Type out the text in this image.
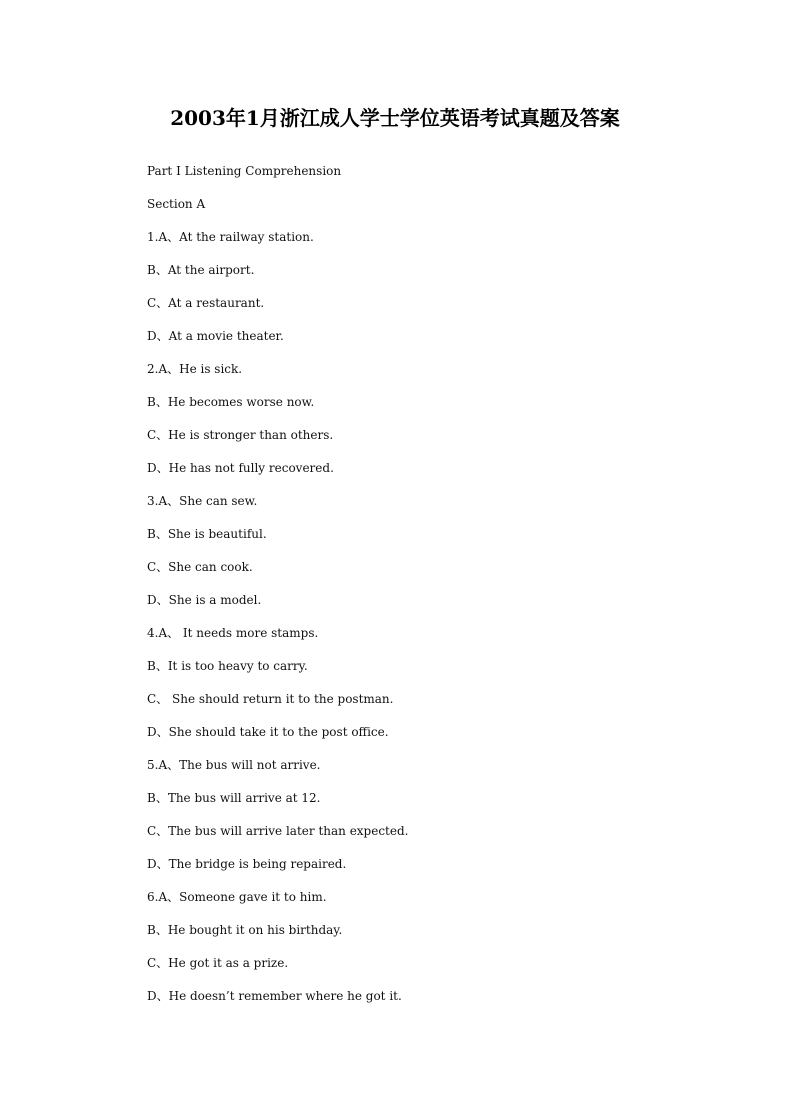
2003年1月浙江成人学士学位英语考试真题及答案

Part I Listening Comprehension

Section A

1.A、At the railway station.

B、At the airport.

C、At a restaurant.

D、At a movie theater.

2.A、He is sick.

B、He becomes worse now.

C、He is stronger than others.

D、He has not fully recovered.

3.A、She can sew.

B、She is beautiful.

C、She can cook.

D、She is a model.

4.A、 It needs more stamps.

B、It is too heavy to carry.

C、 She should return it to the postman.

D、She should take it to the post office.

5.A、The bus will not arrive.

B、The bus will arrive at 12.

C、The bus will arrive later than expected.

D、The bridge is being repaired.

6.A、Someone gave it to him.

B、He bought it on his birthday.

C、He got it as a prize.

D、He doesn’t remember where he got it.
